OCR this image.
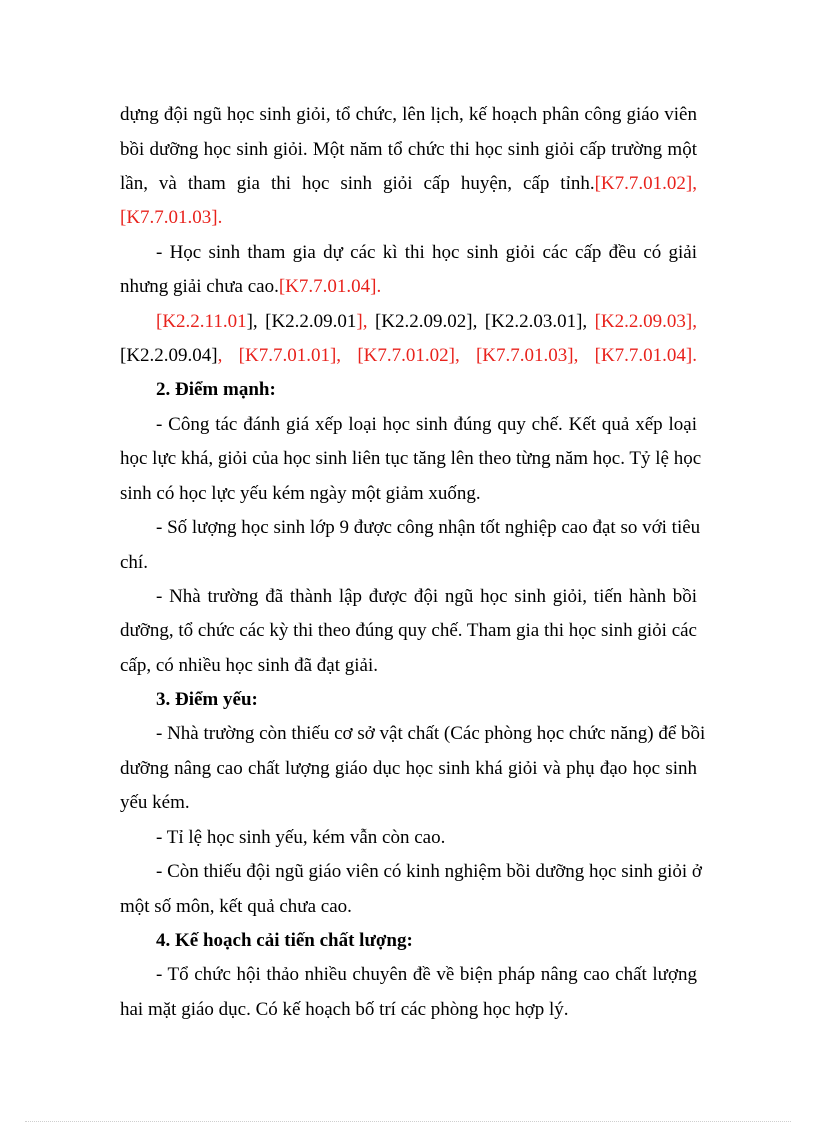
dựng đội ngũ học sinh giỏi, tổ chức, lên lịch, kế hoạch phân công giáo viên
bồi dưỡng học sinh giỏi. Một năm tổ chức thi học sinh giỏi cấp trường một
lần, và tham gia thi học sinh giỏi cấp huyện, cấp tỉnh.[K7.7.01.02],
[K7.7.01.03].
- Học sinh tham gia dự các kì thi học sinh giỏi các cấp đều có giải
nhưng giải chưa cao.[K7.7.01.04].
[K2.2.11.01], [K2.2.09.01], [K2.2.09.02], [K2.2.03.01], [K2.2.09.03],
[K2.2.09.04], [K7.7.01.01], [K7.7.01.02], [K7.7.01.03], [K7.7.01.04].
2. Điểm mạnh:
- Công tác đánh giá xếp loại học sinh đúng quy chế. Kết quả xếp loại
học lực khá, giỏi của học sinh liên tục tăng lên theo từng năm học. Tỷ lệ học
sinh có học lực yếu kém ngày một giảm xuống.
- Số lượng học sinh lớp 9 được công nhận tốt nghiệp cao đạt so với tiêu
chí.
- Nhà trường đã thành lập được đội ngũ học sinh giỏi, tiến hành bồi
dưỡng, tổ chức các kỳ thi theo đúng quy chế. Tham gia thi học sinh giỏi các
cấp, có nhiều học sinh đã đạt giải.
3. Điểm yếu:
- Nhà trường còn thiếu cơ sở vật chất (Các phòng học chức năng) để bồi
dưỡng nâng cao chất lượng giáo dục học sinh khá giỏi và phụ đạo học sinh
yếu kém.
- Tỉ lệ học sinh yếu, kém vẫn còn cao.
- Còn thiếu đội ngũ giáo viên có kinh nghiệm bồi dưỡng học sinh giỏi ở
một số môn, kết quả chưa cao.
4. Kế hoạch cải tiến chất lượng:
- Tổ chức hội thảo nhiều chuyên đề về biện pháp nâng cao chất lượng
hai mặt giáo dục. Có kế hoạch bố trí các phòng học hợp lý.
